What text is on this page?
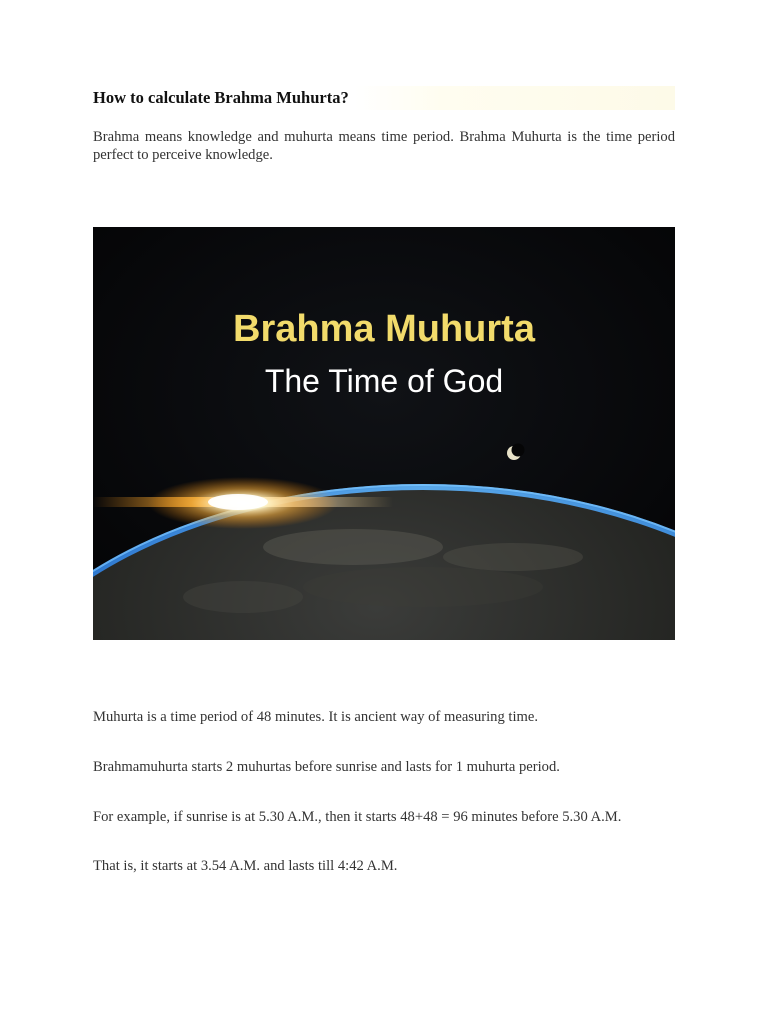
How to calculate Brahma Muhurta?

Brahma means knowledge and muhurta means time period. Brahma Muhurta is the time period perfect to perceive knowledge.

Brahma Muhurta
The Time of God

Muhurta is a time period of 48 minutes. It is ancient way of measuring time.

Brahmamuhurta starts 2 muhurtas before sunrise and lasts for 1 muhurta period.

For example, if sunrise is at 5.30 A.M., then it starts 48+48 = 96 minutes before 5.30 A.M.

That is, it starts at 3.54 A.M. and lasts till 4:42 A.M.
